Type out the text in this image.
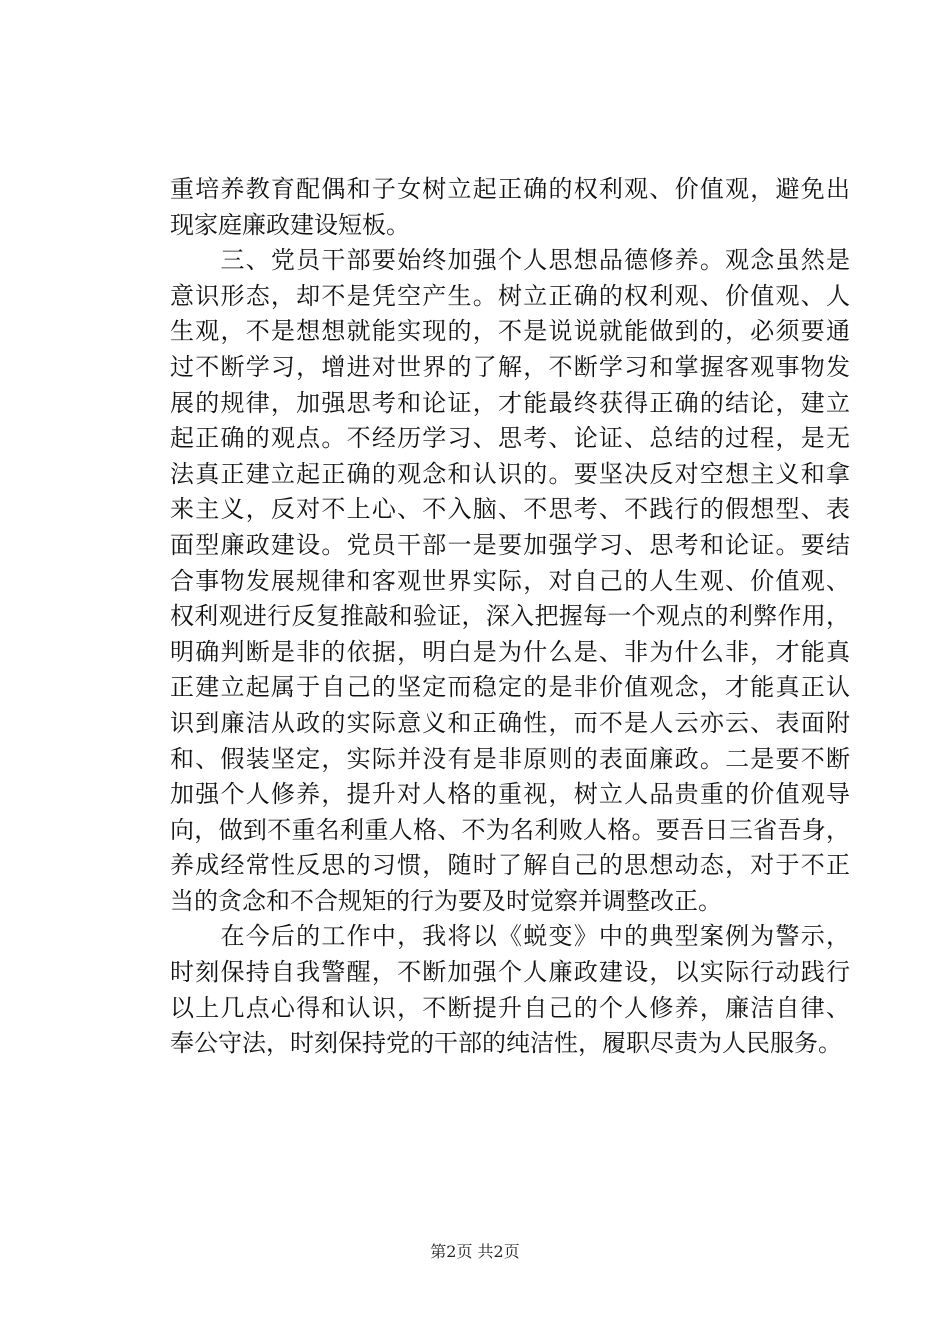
重培养教育配偶和子女树立起正确的权利观、价值观，避免出
现家庭廉政建设短板。
　　三、党员干部要始终加强个人思想品德修养。观念虽然是
意识形态，却不是凭空产生。树立正确的权利观、价值观、人
生观，不是想想就能实现的，不是说说就能做到的，必须要通
过不断学习，增进对世界的了解，不断学习和掌握客观事物发
展的规律，加强思考和论证，才能最终获得正确的结论，建立
起正确的观点。不经历学习、思考、论证、总结的过程，是无
法真正建立起正确的观念和认识的。要坚决反对空想主义和拿
来主义，反对不上心、不入脑、不思考、不践行的假想型、表
面型廉政建设。党员干部一是要加强学习、思考和论证。要结
合事物发展规律和客观世界实际，对自己的人生观、价值观、
权利观进行反复推敲和验证，深入把握每一个观点的利弊作用，
明确判断是非的依据，明白是为什么是、非为什么非，才能真
正建立起属于自己的坚定而稳定的是非价值观念，才能真正认
识到廉洁从政的实际意义和正确性，而不是人云亦云、表面附
和、假装坚定，实际并没有是非原则的表面廉政。二是要不断
加强个人修养，提升对人格的重视，树立人品贵重的价值观导
向，做到不重名利重人格、不为名利败人格。要吾日三省吾身，
养成经常性反思的习惯，随时了解自己的思想动态，对于不正
当的贪念和不合规矩的行为要及时觉察并调整改正。
　　在今后的工作中，我将以《蜕变》中的典型案例为警示，
时刻保持自我警醒，不断加强个人廉政建设，以实际行动践行
以上几点心得和认识，不断提升自己的个人修养，廉洁自律、
奉公守法，时刻保持党的干部的纯洁性，履职尽责为人民服务。
第2页 共2页
